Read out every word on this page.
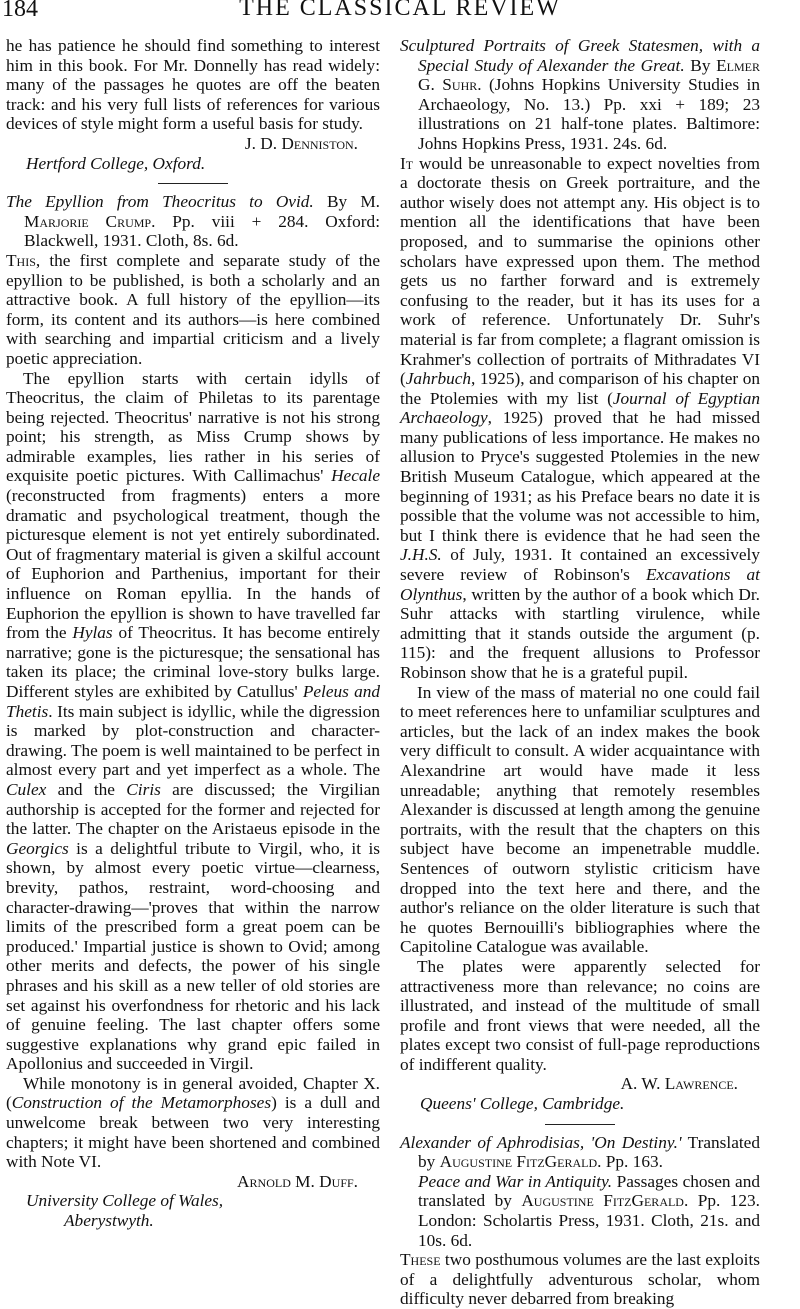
184	THE CLASSICAL REVIEW

he has patience he should find something to interest him in this book. For Mr. Donnelly has read widely: many of the passages he quotes are off the beaten track: and his very full lists of references for various devices of style might form a useful basis for study.

J. D. Denniston.

Hertford College, Oxford.

The Epyllion from Theocritus to Ovid. By M. Marjorie Crump. Pp. viii + 284. Oxford: Blackwell, 1931. Cloth, 8s. 6d.

This, the first complete and separate study of the epyllion to be published, is both a scholarly and an attractive book. A full history of the epyllion—its form, its content and its authors—is here combined with searching and impartial criticism and a lively poetic appreciation.

The epyllion starts with certain idylls of Theocritus, the claim of Philetas to its parentage being rejected. Theocritus' narrative is not his strong point; his strength, as Miss Crump shows by admirable examples, lies rather in his series of exquisite poetic pictures. With Callimachus' Hecale (reconstructed from fragments) enters a more dramatic and psychological treatment, though the picturesque element is not yet entirely subordinated. Out of fragmentary material is given a skilful account of Euphorion and Parthenius, important for their influence on Roman epyllia. In the hands of Euphorion the epyllion is shown to have travelled far from the Hylas of Theocritus. It has become entirely narrative; gone is the picturesque; the sensational has taken its place; the criminal love-story bulks large. Different styles are exhibited by Catullus' Peleus and Thetis. Its main subject is idyllic, while the digression is marked by plot-construction and character-drawing. The poem is well maintained to be perfect in almost every part and yet imperfect as a whole. The Culex and the Ciris are discussed; the Virgilian authorship is accepted for the former and rejected for the latter. The chapter on the Aristaeus episode in the Georgics is a delightful tribute to Virgil, who, it is shown, by almost every poetic virtue—clearness, brevity, pathos, restraint, word-choosing and character-drawing—'proves that within the narrow limits of the prescribed form a great poem can be produced.' Impartial justice is shown to Ovid; among other merits and defects, the power of his single phrases and his skill as a new teller of old stories are set against his overfondness for rhetoric and his lack of genuine feeling. The last chapter offers some suggestive explanations why grand epic failed in Apollonius and succeeded in Virgil.

While monotony is in general avoided, Chapter X. (Construction of the Metamorphoses) is a dull and unwelcome break between two very interesting chapters; it might have been shortened and combined with Note VI.

Arnold M. Duff.

University College of Wales,

Aberystwyth.

Sculptured Portraits of Greek Statesmen, with a Special Study of Alexander the Great. By Elmer G. Suhr. (Johns Hopkins University Studies in Archaeology, No. 13.) Pp. xxi + 189; 23 illustrations on 21 half-tone plates. Baltimore: Johns Hopkins Press, 1931. 24s. 6d.

It would be unreasonable to expect novelties from a doctorate thesis on Greek portraiture, and the author wisely does not attempt any. His object is to mention all the identifications that have been proposed, and to summarise the opinions other scholars have expressed upon them. The method gets us no farther forward and is extremely confusing to the reader, but it has its uses for a work of reference. Unfortunately Dr. Suhr's material is far from complete; a flagrant omission is Krahmer's collection of portraits of Mithradates VI (Jahrbuch, 1925), and comparison of his chapter on the Ptolemies with my list (Journal of Egyptian Archaeology, 1925) proved that he had missed many publications of less importance. He makes no allusion to Pryce's suggested Ptolemies in the new British Museum Catalogue, which appeared at the beginning of 1931; as his Preface bears no date it is possible that the volume was not accessible to him, but I think there is evidence that he had seen the J.H.S. of July, 1931. It contained an excessively severe review of Robinson's Excavations at Olynthus, written by the author of a book which Dr. Suhr attacks with startling virulence, while admitting that it stands outside the argument (p. 115): and the frequent allusions to Professor Robinson show that he is a grateful pupil.

In view of the mass of material no one could fail to meet references here to unfamiliar sculptures and articles, but the lack of an index makes the book very difficult to consult. A wider acquaintance with Alexandrine art would have made it less unreadable; anything that remotely resembles Alexander is discussed at length among the genuine portraits, with the result that the chapters on this subject have become an impenetrable muddle. Sentences of outworn stylistic criticism have dropped into the text here and there, and the author's reliance on the older literature is such that he quotes Bernouilli's bibliographies where the Capitoline Catalogue was available.

The plates were apparently selected for attractiveness more than relevance; no coins are illustrated, and instead of the multitude of small profile and front views that were needed, all the plates except two consist of full-page reproductions of indifferent quality.

A. W. Lawrence.

Queens' College, Cambridge.

Alexander of Aphrodisias, 'On Destiny.' Translated by Augustine FitzGerald. Pp. 163.

Peace and War in Antiquity. Passages chosen and translated by Augustine FitzGerald. Pp. 123. London: Scholartis Press, 1931. Cloth, 21s. and 10s. 6d.

These two posthumous volumes are the last exploits of a delightfully adventurous scholar, whom difficulty never debarred from breaking
